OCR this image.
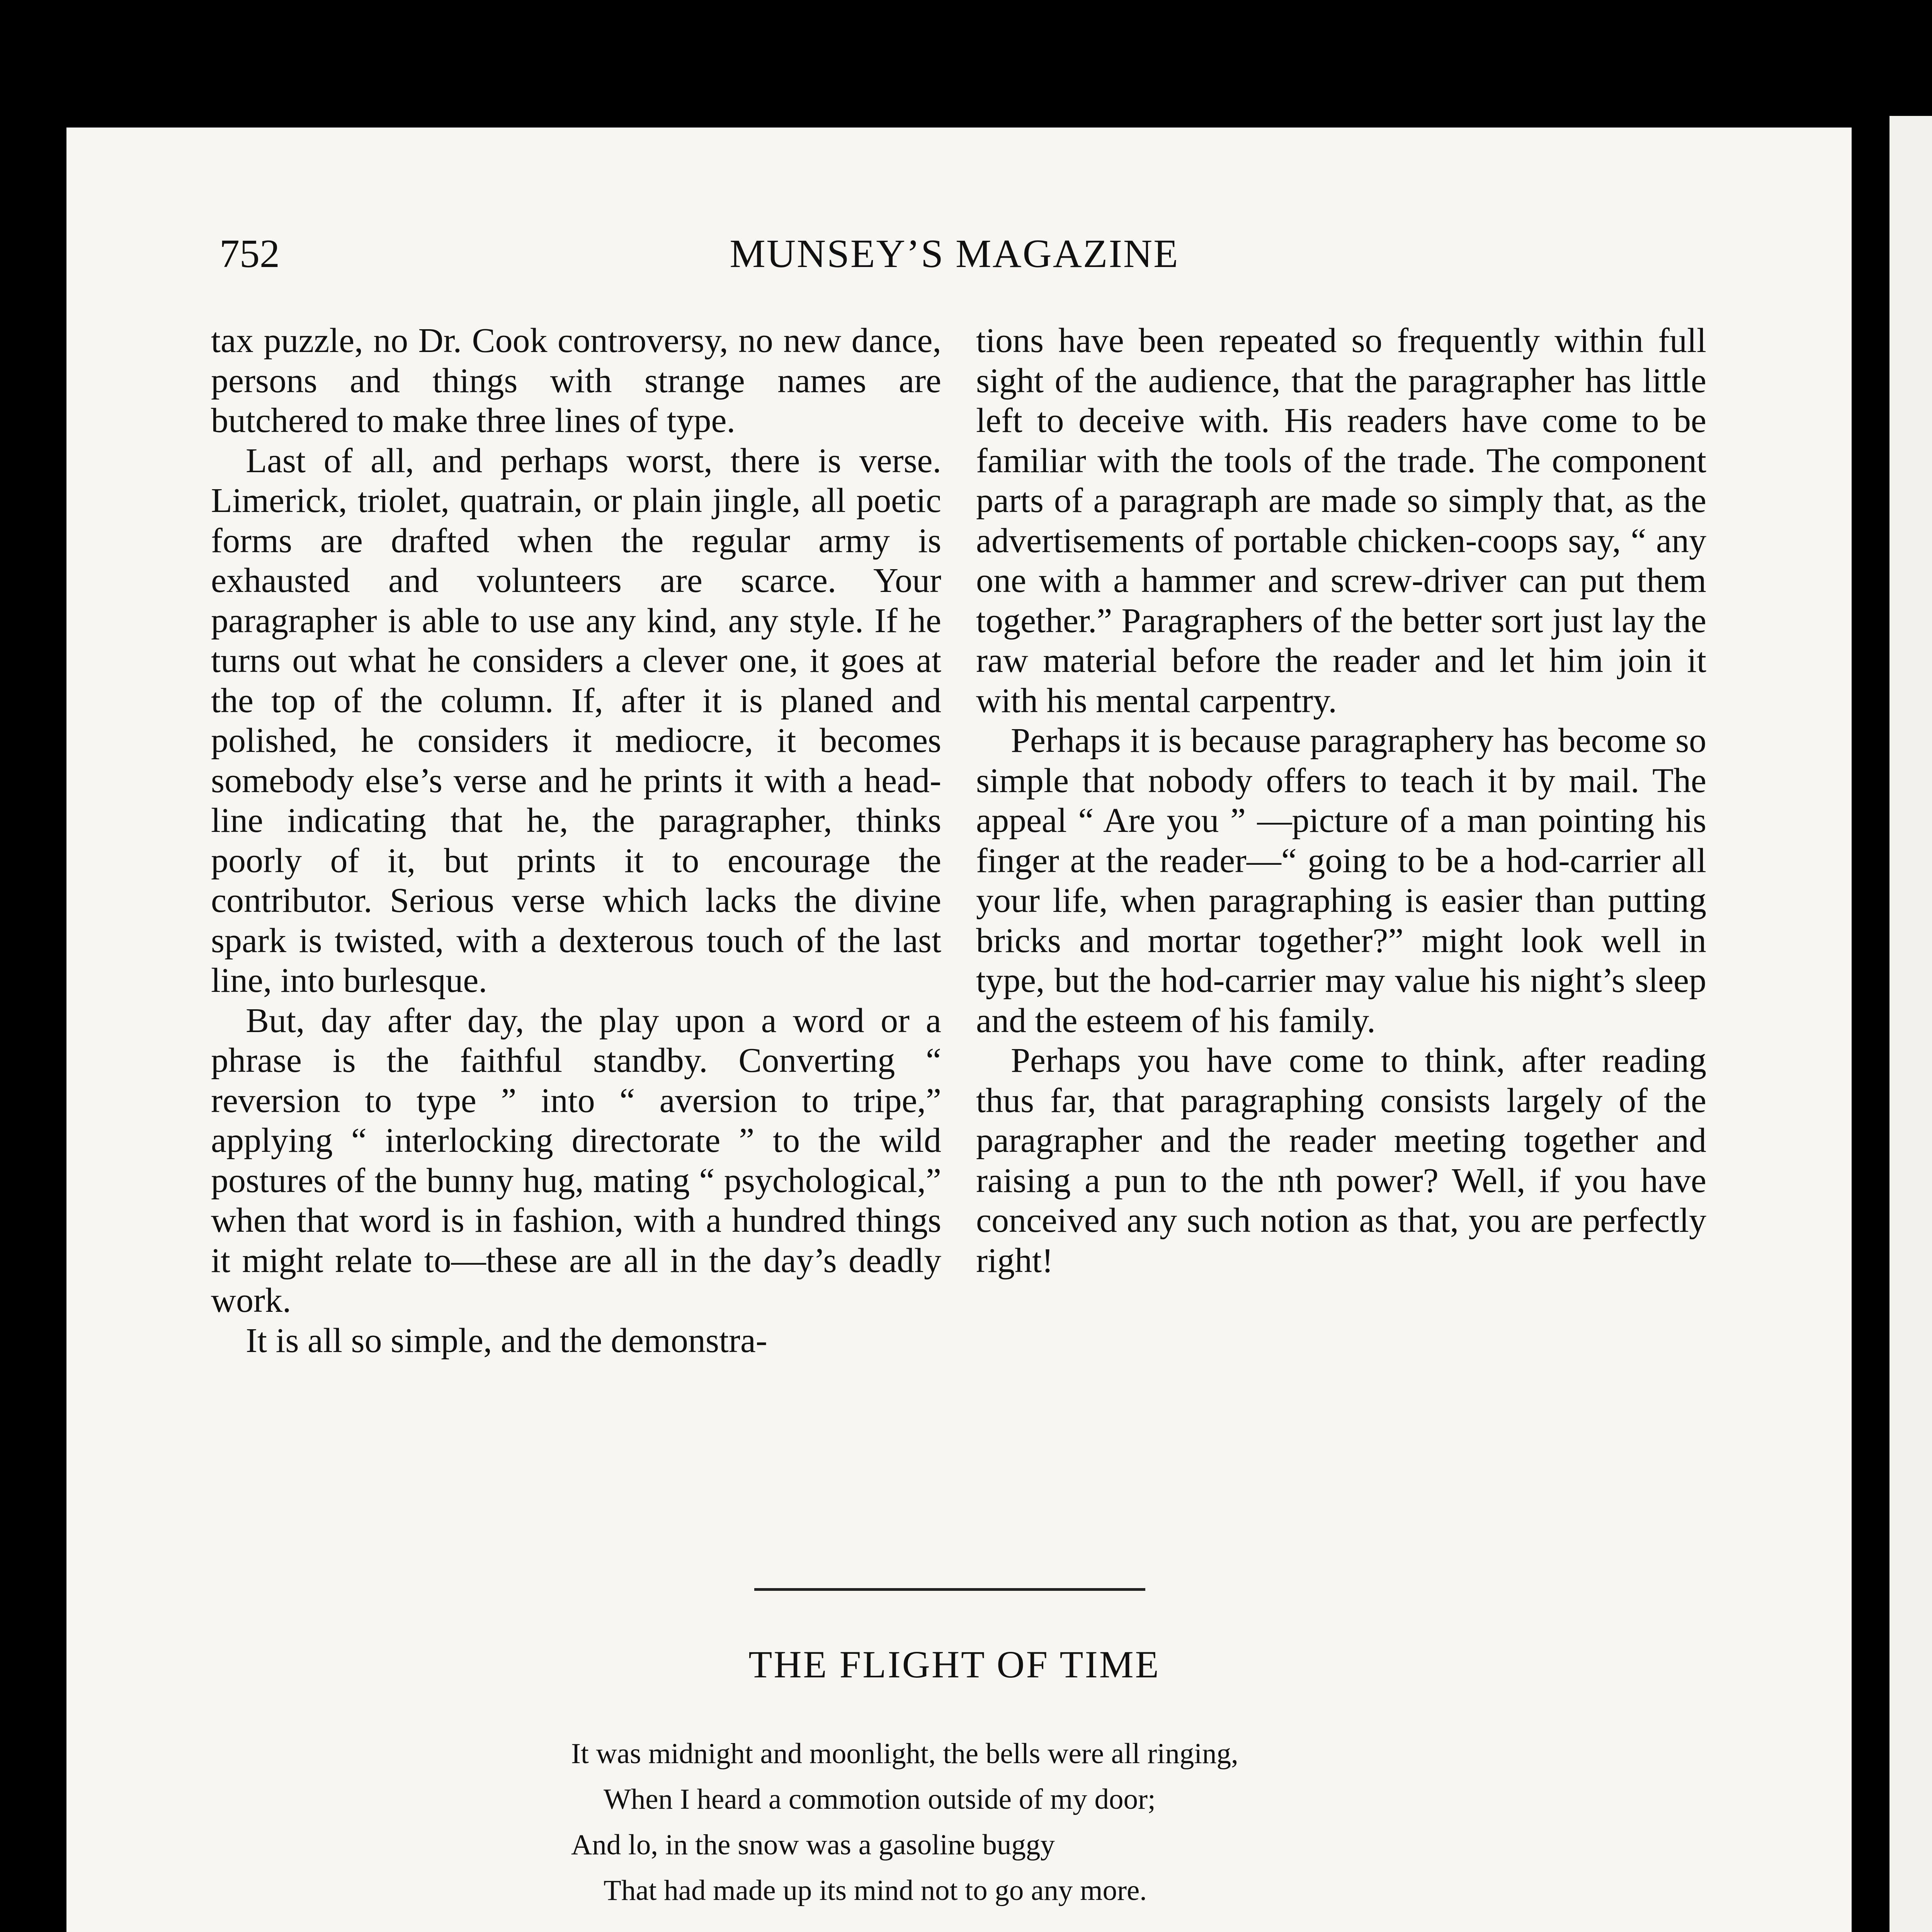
752	MUNSEY’S MAGAZINE

tax puzzle, no Dr. Cook controversy, no new dance, persons and things with strange names are butchered to make three lines of type.

Last of all, and perhaps worst, there is verse. Limerick, triolet, quatrain, or plain jingle, all poetic forms are drafted when the regular army is exhausted and volunteers are scarce. Your paragrapher is able to use any kind, any style. If he turns out what he considers a clever one, it goes at the top of the column. If, after it is planed and polished, he considers it mediocre, it becomes somebody else’s verse and he prints it with a head-line indicating that he, the paragrapher, thinks poorly of it, but prints it to encourage the contributor. Serious verse which lacks the divine spark is twisted, with a dexterous touch of the last line, into burlesque.

But, day after day, the play upon a word or a phrase is the faithful standby. Converting “ reversion to type ” into “ aversion to tripe,” applying “ interlocking directorate ” to the wild postures of the bunny hug, mating “ psychological,” when that word is in fashion, with a hundred things it might relate to—these are all in the day’s deadly work.

It is all so simple, and the demonstra-

tions have been repeated so frequently within full sight of the audience, that the paragrapher has little left to deceive with. His readers have come to be familiar with the tools of the trade. The component parts of a paragraph are made so simply that, as the advertisements of portable chicken-coops say, “ any one with a hammer and screw-driver can put them together.” Paragraphers of the better sort just lay the raw material before the reader and let him join it with his mental carpentry.

Perhaps it is because paragraphery has become so simple that nobody offers to teach it by mail. The appeal “ Are you ” —picture of a man pointing his finger at the reader—“ going to be a hod-carrier all your life, when paragraphing is easier than putting bricks and mortar together?” might look well in type, but the hod-carrier may value his night’s sleep and the esteem of his family.

Perhaps you have come to think, after reading thus far, that paragraphing consists largely of the paragrapher and the reader meeting together and raising a pun to the nth power? Well, if you have conceived any such notion as that, you are perfectly right!

THE FLIGHT OF TIME
It was midnight and moonlight, the bells were all ringing,
When I heard a commotion outside of my door;
And lo, in the snow was a gasoline buggy
That had made up its mind not to go any more.
